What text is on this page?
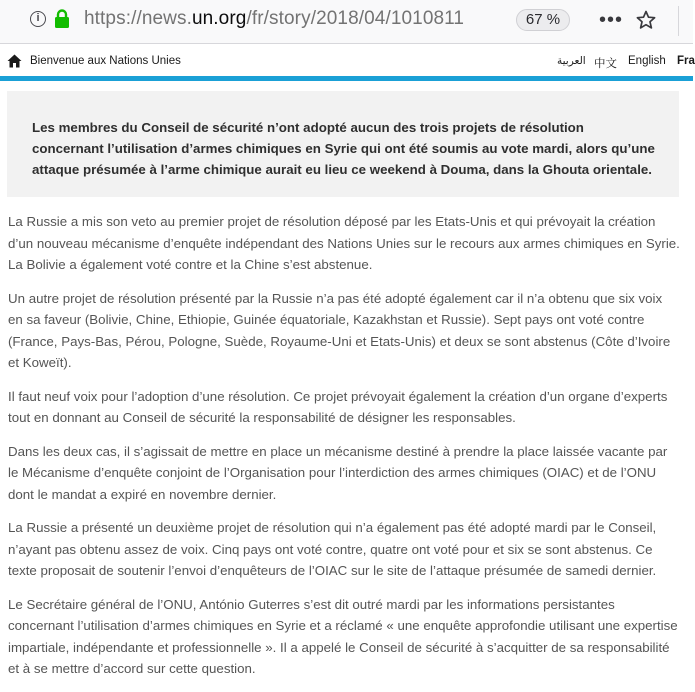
i	https://news.un.org/fr/story/2018/04/1010811	67 %	•••
Bienvenue aux Nations Unies	العربية 中文 English Fra

Les membres du Conseil de sécurité n’ont adopté aucun des trois projets de résolution concernant l’utilisation d’armes chimiques en Syrie qui ont été soumis au vote mardi, alors qu’une attaque présumée à l’arme chimique aurait eu lieu ce weekend à Douma, dans la Ghouta orientale.

La Russie a mis son veto au premier projet de résolution déposé par les Etats-Unis et qui prévoyait la création d’un nouveau mécanisme d’enquête indépendant des Nations Unies sur le recours aux armes chimiques en Syrie. La Bolivie a également voté contre et la Chine s’est abstenue.

Un autre projet de résolution présenté par la Russie n’a pas été adopté également car il n’a obtenu que six voix en sa faveur (Bolivie, Chine, Ethiopie, Guinée équatoriale, Kazakhstan et Russie). Sept pays ont voté contre (France, Pays-Bas, Pérou, Pologne, Suède, Royaume-Uni et Etats-Unis) et deux se sont abstenus (Côte d’Ivoire et Koweït).

Il faut neuf voix pour l’adoption d’une résolution. Ce projet prévoyait également la création d’un organe d’experts tout en donnant au Conseil de sécurité la responsabilité de désigner les responsables.

Dans les deux cas, il s’agissait de mettre en place un mécanisme destiné à prendre la place laissée vacante par le Mécanisme d’enquête conjoint de l’Organisation pour l’interdiction des armes chimiques (OIAC) et de l’ONU dont le mandat a expiré en novembre dernier.

La Russie a présenté un deuxième projet de résolution qui n’a également pas été adopté mardi par le Conseil, n’ayant pas obtenu assez de voix. Cinq pays ont voté contre, quatre ont voté pour et six se sont abstenus. Ce texte proposait de soutenir l’envoi d’enquêteurs de l’OIAC sur le site de l’attaque présumée de samedi dernier.

Le Secrétaire général de l’ONU, António Guterres s’est dit outré mardi par les informations persistantes concernant l’utilisation d’armes chimiques en Syrie et a réclamé « une enquête approfondie utilisant une expertise impartiale, indépendante et professionnelle ». Il a appelé le Conseil de sécurité à s’acquitter de sa responsabilité et à se mettre d’accord sur cette question.
